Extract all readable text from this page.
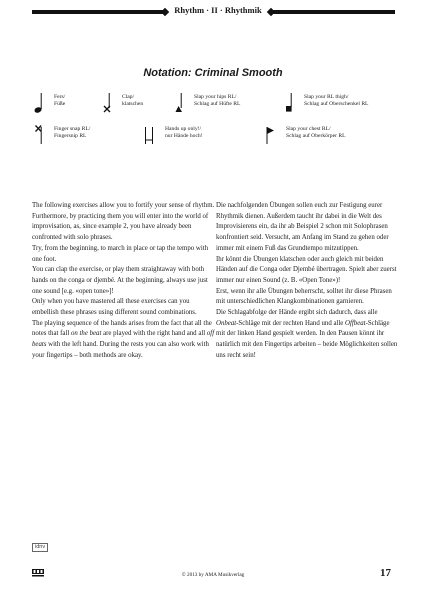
Rhythm · II · Rhythmik
Notation: Criminal Smooth
Fers/
Füße
Clap/
klatschen
Slap your hips RL/
Schlag auf Hüfte RL
Slap your RL thigh/
Schlag auf Oberschenkel RL
Finger snap RL/
Fingersnip RL
Hands up only!/
nur Hände hoch!
Slap your chest RL/
Schlag auf Oberkörper RL

The following exercises allow you to fortify your sense of rhythm. Furthermore, by practicing them you will enter into the world of improvisation, as, since example 2, you have already been confronted with solo phrases.

Try, from the beginning, to march in place or tap the tempo with one foot.

You can clap the exercise, or play them straightaway with both hands on the conga or djembé. At the beginning, always use just one sound [e.g. «open tone»]!

Only when you have mastered all these exercises can you embellish these phrases using different sound combinations.

The playing sequence of the hands arises from the fact that all the notes that fall on the beat are played with the right hand and all off beats with the left hand. During the rests you can also work with your fingertips – both methods are okay.

Die nachfolgenden Übungen sollen euch zur Festigung eurer Rhythmik dienen. Außerdem taucht ihr dabei in die Welt des Improvisierens ein, da ihr ab Beispiel 2 schon mit Solophrasen konfrontiert seid. Versucht, am Anfang im Stand zu gehen oder immer mit einem Fuß das Grundtempo mitzutippen.

Ihr könnt die Übungen klatschen oder auch gleich mit beiden Händen auf die Conga oder Djembé übertragen. Spielt aber zuerst immer nur einen Sound (z. B. «Open Tone»)!

Erst, wenn ihr alle Übungen beherrscht, solltet ihr diese Phrasen mit unterschiedlichen Klangkombinationen garnieren.

Die Schlagabfolge der Hände ergibt sich dadurch, dass alle Onbeat-Schläge mit der rechten Hand und alle Offbeat-Schläge mit der linken Hand gespielt werden. In den Pausen könnt ihr natürlich mit den Fingertips arbeiten – beide Möglichkeiten sollen uns recht sein!

idnv
© 2013 by AMA Musikverlag	17
